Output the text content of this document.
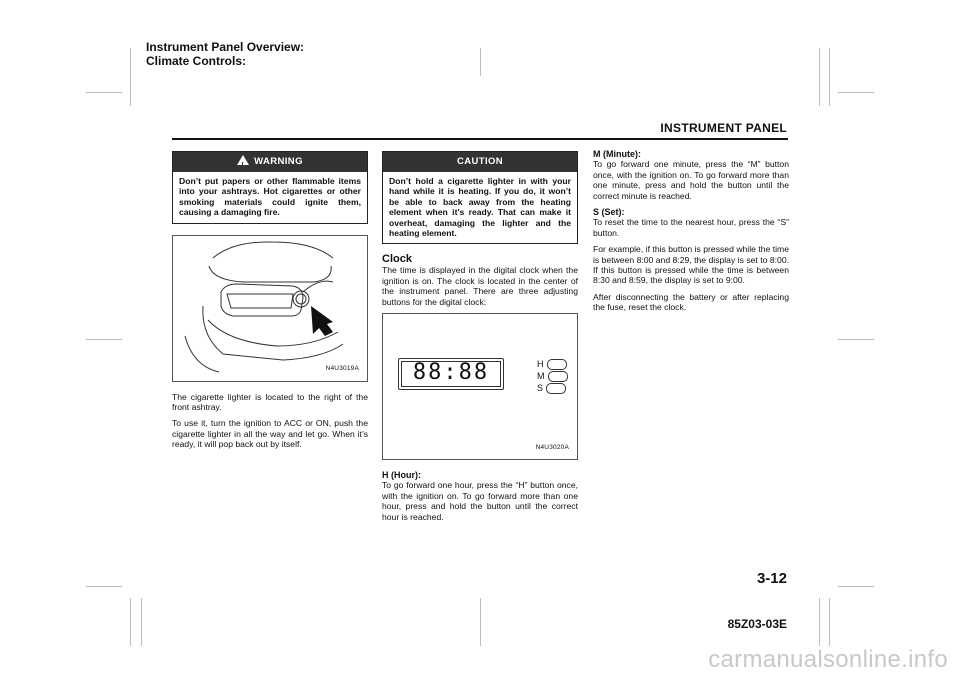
Instrument Panel Overview:
Climate Controls:
INSTRUMENT PANEL
!WARNING
Don’t put papers or other flammable items into your ashtrays. Hot cigarettes or other smoking materials could ignite them, causing a damaging fire.
N4U3019A

The cigarette lighter is located to the right of the front ashtray.

To use it, turn the ignition to ACC or ON, push the cigarette lighter in all the way and let go. When it’s ready, it will pop back out by itself.

CAUTION
Don’t hold a cigarette lighter in with your hand while it is heating. If you do, it won’t be able to back away from the heating element when it’s ready. That can make it overheat, damaging the lighter and the heating element.
Clock

The time is displayed in the digital clock when the ignition is on. The clock is located in the center of the instrument panel. There are three adjusting buttons for the digital clock:

88:88	H
M
S
N4U3020A
H (Hour):

To go forward one hour, press the “H” button once, with the ignition on. To go forward more than one hour, press and hold the button until the correct hour is reached.

M (Minute):

To go forward one minute, press the “M” button once, with the ignition on. To go forward more than one minute, press and hold the button until the correct minute is reached.

S (Set):

To reset the time to the nearest hour, press the “S” button.

For example, if this button is pressed while the time is between 8:00 and 8:29, the display is set to 8:00. If this button is pressed while the time is between 8:30 and 8:59, the display is set to 9:00.

After disconnecting the battery or after replacing the fuse, reset the clock.

3-12
85Z03-03E
carmanualsonline.info
